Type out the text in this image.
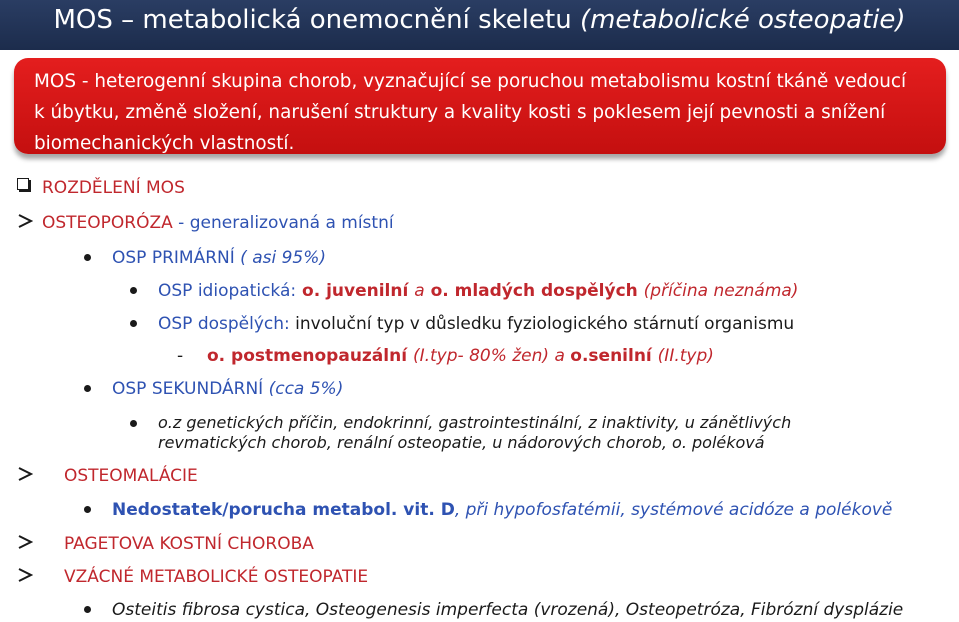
MOS – metabolická onemocnění skeletu (metabolické osteopatie)
MOS - heterogenní skupina chorob, vyznačující se poruchou metabolismu kostní tkáně vedoucí k úbytku, změně složení, narušení struktury a kvality kosti s poklesem její pevnosti a snížení biomechanických vlastností.
ROZDĚLENÍ MOS
OSTEOPORÓZA - generalizovaná a místní
OSP PRIMÁRNÍ ( asi 95%)
OSP idiopatická: o. juvenilní a o. mladých dospělých (příčina neznáma)
OSP dospělých: involuční typ v důsledku fyziologického stárnutí organismu
- o. postmenopauzální (I.typ- 80% žen) a o.senilní (II.typ)
OSP SEKUNDÁRNÍ (cca 5%)
o.z genetických příčin, endokrinní, gastrointestinální, z inaktivity, u zánětlivých
revmatických chorob, renální osteopatie, u nádorových chorob, o. poléková
OSTEOMALÁCIE
Nedostatek/porucha metabol. vit. D, při hypofosfatémii, systémové acidóze a polékově
PAGETOVA KOSTNÍ CHOROBA
VZÁCNÉ METABOLICKÉ OSTEOPATIE
Osteitis fibrosa cystica, Osteogenesis imperfecta (vrozená), Osteopetróza, Fibrózní dysplázie
